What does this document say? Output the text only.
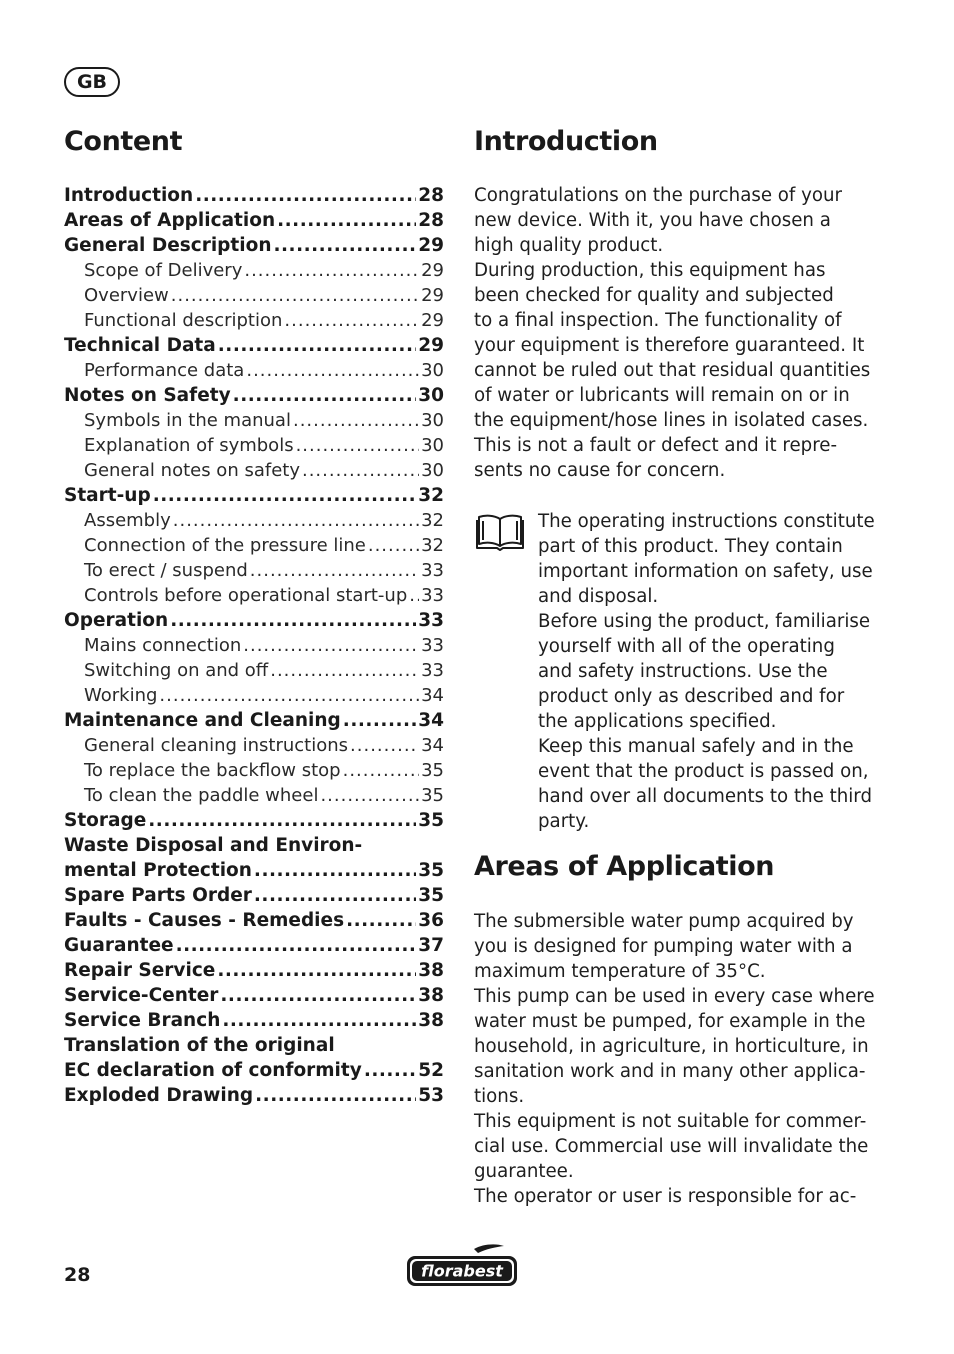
GB
Content
Introduction .....	28
Areas of Application .....	28
General Description .....	29
Scope of Delivery .....	29
Overview .....	29
Functional description .....	29
Technical Data .....	29
Performance data .....	30
Notes on Safety .....	30
Symbols in the manual .....	30
Explanation of symbols .....	30
General notes on safety .....	30
Start-up .....	32
Assembly .....	32
Connection of the pressure line .....	32
To erect / suspend .....	33
Controls before operational start-up ..... 33
Operation .....	33
Mains connection .....	33
Switching on and off .....	33
Working .....	34
Maintenance and Cleaning .....	34
General cleaning instructions .....	34
To replace the backflow stop .....	35
To clean the paddle wheel .....	35
Storage .....	35
Waste Disposal and Environ-
mental Protection .....	35
Spare Parts Order .....	35
Faults - Causes - Remedies .....	36
Guarantee .....	37
Repair Service .....	38
Service-Center .....	38
Service Branch .....	38
Translation of the original
EC declaration of conformity .....	52
Exploded Drawing .....	53
Introduction
Congratulations on the purchase of your
new device. With it, you have chosen a
high quality product.
During production, this equipment has
been checked for quality and subjected
to a final inspection. The functionality of
your equipment is therefore guaranteed. It
cannot be ruled out that residual quantities
of water or lubricants will remain on or in
the equipment/hose lines in isolated cases.
This is not a fault or defect and it repre-
sents no cause for concern.
The operating instructions constitute
part of this product. They contain
important information on safety, use
and disposal.
Before using the product, familiarise
yourself with all of the operating
and safety instructions. Use the
product only as described and for
the applications specified.
Keep this manual safely and in the
event that the product is passed on,
hand over all documents to the third
party.
Areas of Application
The submersible water pump acquired by
you is designed for pumping water with a
maximum temperature of 35°C.
This pump can be used in every case where
water must be pumped, for example in the
household, in agriculture, in horticulture, in
sanitation work and in many other applica-
tions.
This equipment is not suitable for commer-
cial use. Commercial use will invalidate the
guarantee.
The operator or user is responsible for ac-
28	florabest
